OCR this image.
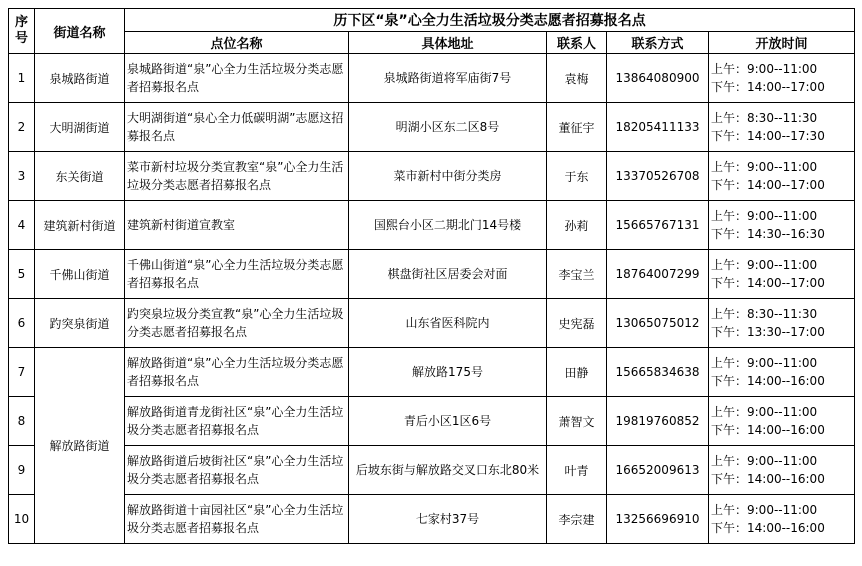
序号	街道名称	历下区“泉”心全力生活垃圾分类志愿者招募报名点				
		点位名称	具体地址	联系人	联系方式	开放时间
1	泉城路街道	泉城路街道“泉”心全力生活垃圾分类志愿者招募报名点	泉城路街道将军庙街7号	袁梅	13864080900	上午：9:00--11:00
下午：14:00--17:00
2	大明湖街道	大明湖街道“泉心全力低碳明湖”志愿这招募报名点	明湖小区东二区8号	董征宇	18205411133	上午：8:30--11:30
下午：14:00--17:30
3	东关街道	菜市新村垃圾分类宣教室“泉”心全力生活垃圾分类志愿者招募报名点	菜市新村中街分类房	于东	13370526708	上午：9:00--11:00
下午：14:00--17:00
4	建筑新村街道	建筑新村街道宣教室	国熙台小区二期北门14号楼	孙莉	15665767131	上午：9:00--11:00
下午：14:30--16:30
5	千佛山街道	千佛山街道“泉”心全力生活垃圾分类志愿者招募报名点	棋盘街社区居委会对面	李宝兰	18764007299	上午：9:00--11:00
下午：14:00--17:00
6	趵突泉街道	趵突泉垃圾分类宣教“泉”心全力生活垃圾分类志愿者招募报名点	山东省医科院内	史宪磊	13065075012	上午：8:30--11:30
下午：13:30--17:00
7	解放路街道	解放路街道“泉”心全力生活垃圾分类志愿者招募报名点	解放路175号	田静	15665834638	上午：9:00--11:00
下午：14:00--16:00
8		解放路街道青龙街社区“泉”心全力生活垃圾分类志愿者招募报名点	青后小区1区6号	萧智文	19819760852	上午：9:00--11:00
下午：14:00--16:00
9		解放路街道后坡街社区“泉”心全力生活垃圾分类志愿者招募报名点	后坡东街与解放路交叉口东北80米	叶青	16652009613	上午：9:00--11:00
下午：14:00--16:00
10		解放路街道十亩园社区“泉”心全力生活垃圾分类志愿者招募报名点	七家村37号	李宗建	13256696910	上午：9:00--11:00
下午：14:00--16:00
